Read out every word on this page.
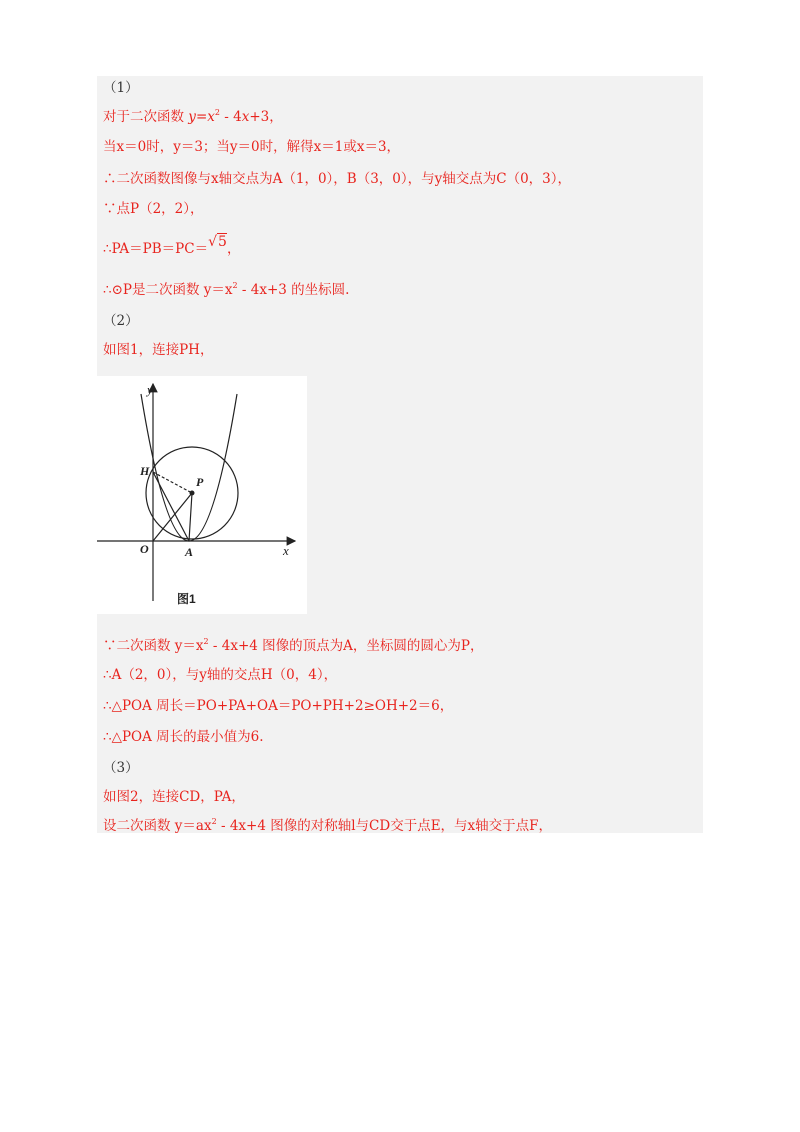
（1）
对于二次函数 $y=x^2 - 4x+3$，
当x＝0时，y＝3；当y＝0时，解得x＝1或x＝3，
∴二次函数图像与x轴交点为A（1，0），B（3，0），与y轴交点为C（0，3），
∵点P（2，2），
∴PA＝PB＝PC＝√5，
∴⊙P是二次函数 $y=x^2 - 4x+3$ 的坐标圆.
（2）
如图1，连接PH，
y
x
H
P
O	A
图1
∵二次函数 $y=x^2 - 4x+4$ 图像的顶点为A，坐标圆的圆心为P，
∴A（2，0），与y轴的交点H（0，4），
∴△POA 周长＝PO+PA+OA＝PO+PH+2≥OH+2＝6，
∴△POA 周长的最小值为6.
（3）
如图2，连接CD，PA，
设二次函数 $y=ax^2 - 4x+4$ 图像的对称轴l与CD交于点E，与x轴交于点F，
